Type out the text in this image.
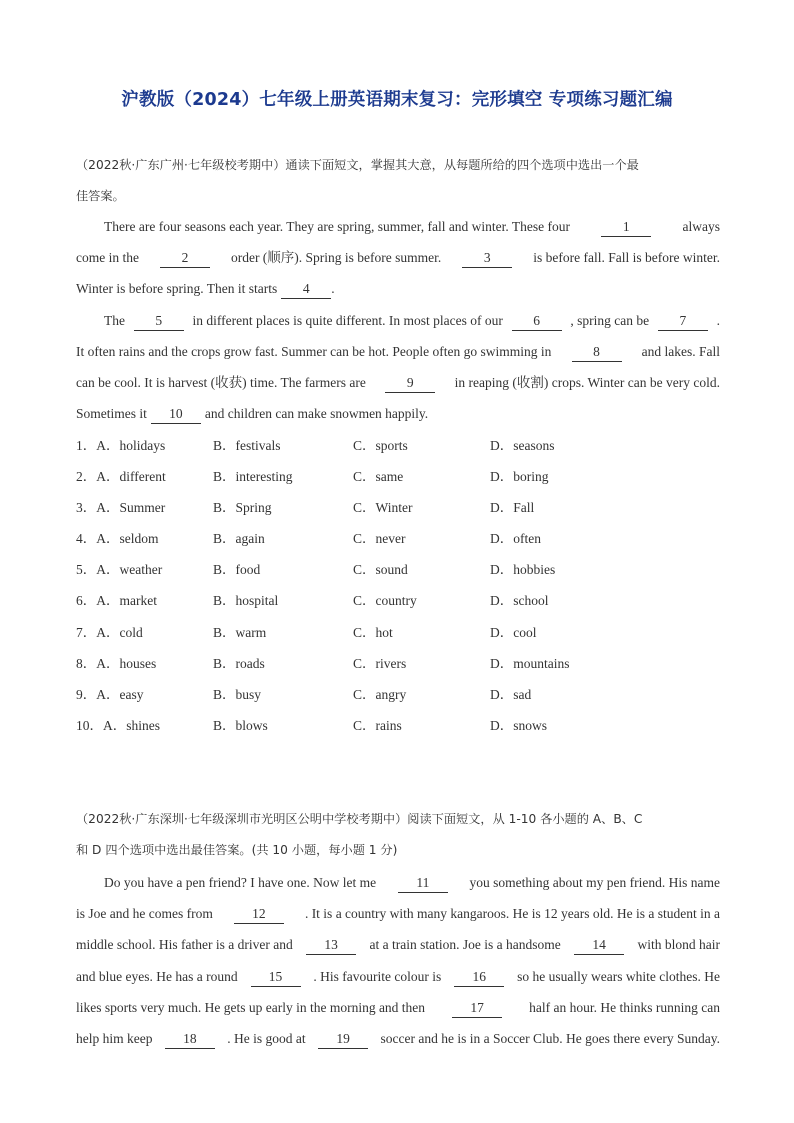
沪教版（2024）七年级上册英语期末复习：完形填空 专项练习题汇编
（2022秋·广东广州·七年级校考期中）通读下面短文，掌握其大意，从每题所给的四个选项中选出一个最
佳答案。
There are four seasons each year. They are spring, summer, fall and winter. These four	1	always
come in the	2	order (顺序). Spring is before summer.	3	is before fall. Fall is before winter.
Winter is before spring. Then it starts	4	.
The	5	in different places is quite different. In most places of our	6	, spring can be	7	.
It often rains and the crops grow fast. Summer can be hot. People often go swimming in	8	and lakes. Fall
can be cool. It is harvest (收获) time. The farmers are	9	in reaping (收割) crops. Winter can be very cold.
Sometimes it	10	and children can make snowmen happily.
1．A．holidays	B．festivals	C．sports	D．seasons
2．A．different	B．interesting	C．same	D．boring
3．A．Summer	B．Spring	C．Winter	D．Fall
4．A．seldom	B．again	C．never	D．often
5．A．weather	B．food	C．sound	D．hobbies
6．A．market	B．hospital	C．country	D．school
7．A．cold	B．warm	C．hot	D．cool
8．A．houses	B．roads	C．rivers	D．mountains
9．A．easy	B．busy	C．angry	D．sad
10．A．shines	B．blows	C．rains	D．snows
（2022秋·广东深圳·七年级深圳市光明区公明中学校考期中）阅读下面短文，从 1-10 各小题的 A、B、C
和 D 四个选项中选出最佳答案。(共 10 小题，每小题 1 分)
Do you have a pen friend? I have one. Now let me	11	you something about my pen friend. His name
is Joe and he comes from	12	. It is a country with many kangaroos. He is 12 years old. He is a student in a
middle school. His father is a driver and	13	at a train station. Joe is a handsome	14	with blond hair
and blue eyes. He has a round	15	. His favourite colour is	16	so he usually wears white clothes. He
likes sports very much. He gets up early in the morning and then	17	half an hour. He thinks running can
help him keep	18	. He is good at	19	soccer and he is in a Soccer Club. He goes there every Sunday.
